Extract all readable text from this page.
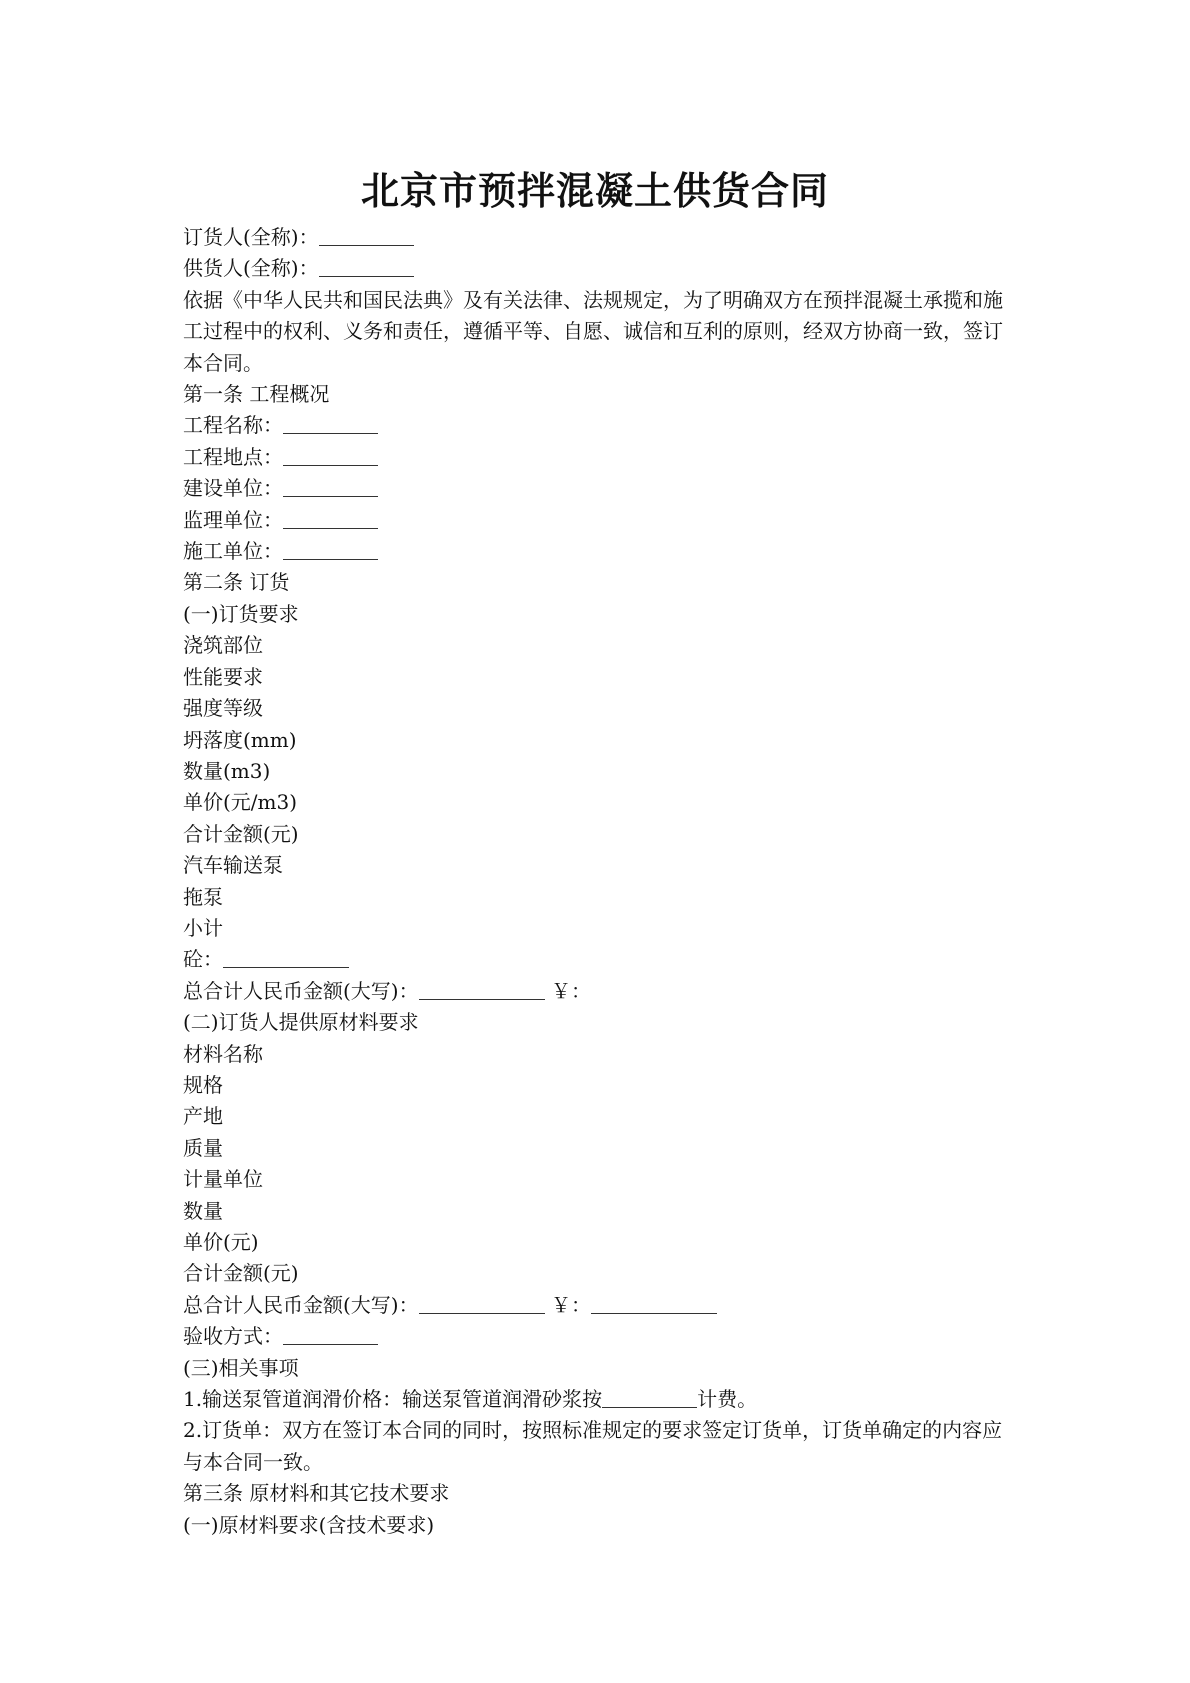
北京市预拌混凝土供货合同
订货人(全称)：
供货人(全称)：
依据《中华人民共和国民法典》及有关法律、法规规定，为了明确双方在预拌混凝土承揽和施工过程中的权利、义务和责任，遵循平等、自愿、诚信和互利的原则，经双方协商一致，签订本合同。
第一条 工程概况
工程名称：
工程地点：
建设单位：
监理单位：
施工单位：
第二条 订货
(一)订货要求
浇筑部位
性能要求
强度等级
坍落度(mm)
数量(m3)
单价(元/m3)
合计金额(元)
汽车输送泵
拖泵
小计
砼：
总合计人民币金额(大写)：	￥：
(二)订货人提供原材料要求
材料名称
规格
产地
质量
计量单位
数量
单价(元)
合计金额(元)
总合计人民币金额(大写)：	￥：
验收方式：
(三)相关事项
1.输送泵管道润滑价格：输送泵管道润滑砂浆按	计费。
2.订货单：双方在签订本合同的同时，按照标准规定的要求签定订货单，订货单确定的内容应与本合同一致。
第三条 原材料和其它技术要求
(一)原材料要求(含技术要求)
